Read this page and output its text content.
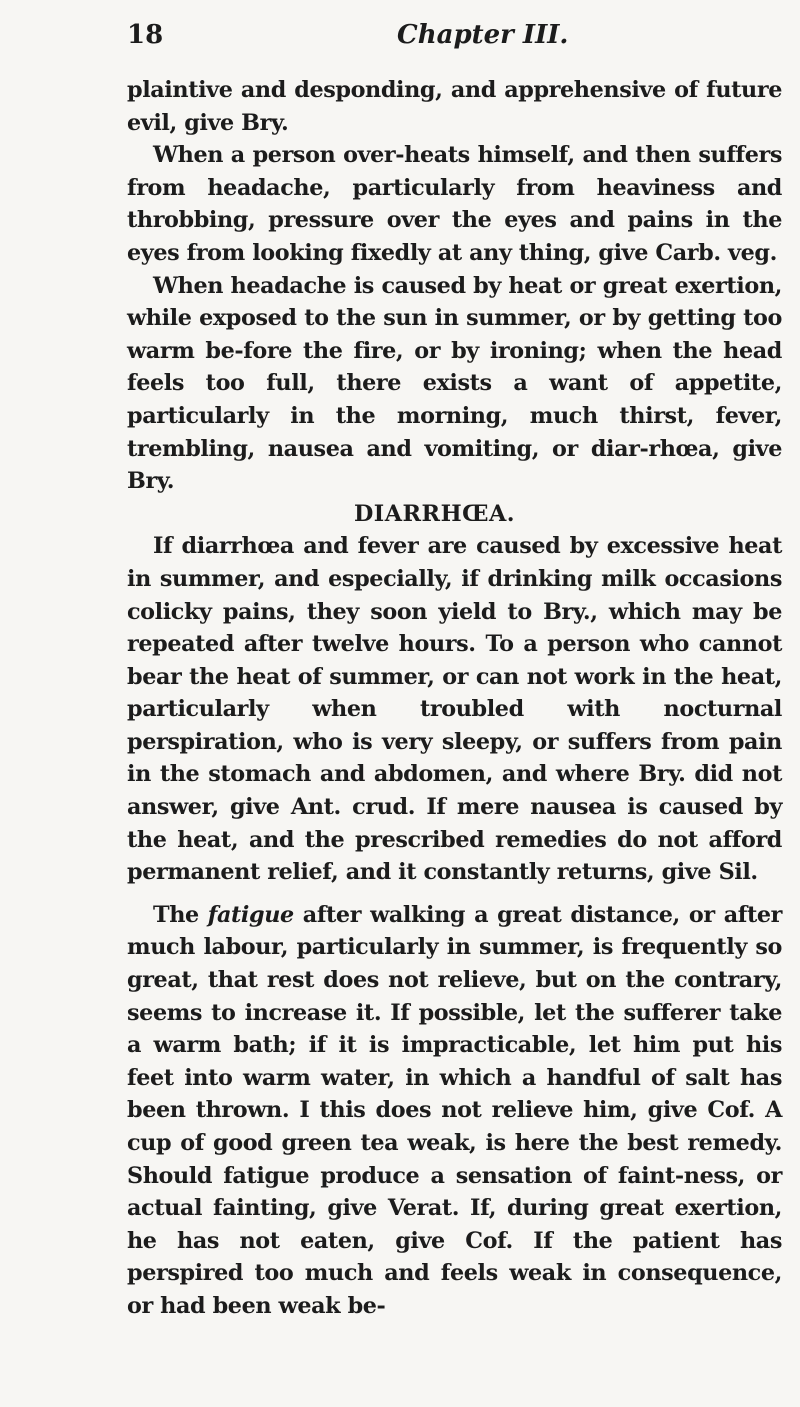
18	Chapter III.

plaintive and desponding, and apprehensive of future evil, give Bry.

When a person over-heats himself, and then suffers from headache, particularly from heaviness and throbbing, pressure over the eyes and pains in the eyes from looking fixedly at any thing, give Carb. veg.

When headache is caused by heat or great exertion, while exposed to the sun in summer, or by getting too warm be-fore the fire, or by ironing; when the head feels too full, there exists a want of appetite, particularly in the morning, much thirst, fever, trembling, nausea and vomiting, or diar-rhœa, give Bry.

DIARRHŒA.

If diarrhœa and fever are caused by excessive heat in summer, and especially, if drinking milk occasions colicky pains, they soon yield to Bry., which may be repeated after twelve hours. To a person who cannot bear the heat of summer, or can not work in the heat, particularly when troubled with nocturnal perspiration, who is very sleepy, or suffers from pain in the stomach and abdomen, and where Bry. did not answer, give Ant. crud. If mere nausea is caused by the heat, and the prescribed remedies do not afford permanent relief, and it constantly returns, give Sil.

The fatigue after walking a great distance, or after much labour, particularly in summer, is frequently so great, that rest does not relieve, but on the contrary, seems to increase it. If possible, let the sufferer take a warm bath; if it is impracticable, let him put his feet into warm water, in which a handful of salt has been thrown. I this does not relieve him, give Cof. A cup of good green tea weak, is here the best remedy. Should fatigue produce a sensation of faint-ness, or actual fainting, give Verat. If, during great exertion, he has not eaten, give Cof. If the patient has perspired too much and feels weak in consequence, or had been weak be-
